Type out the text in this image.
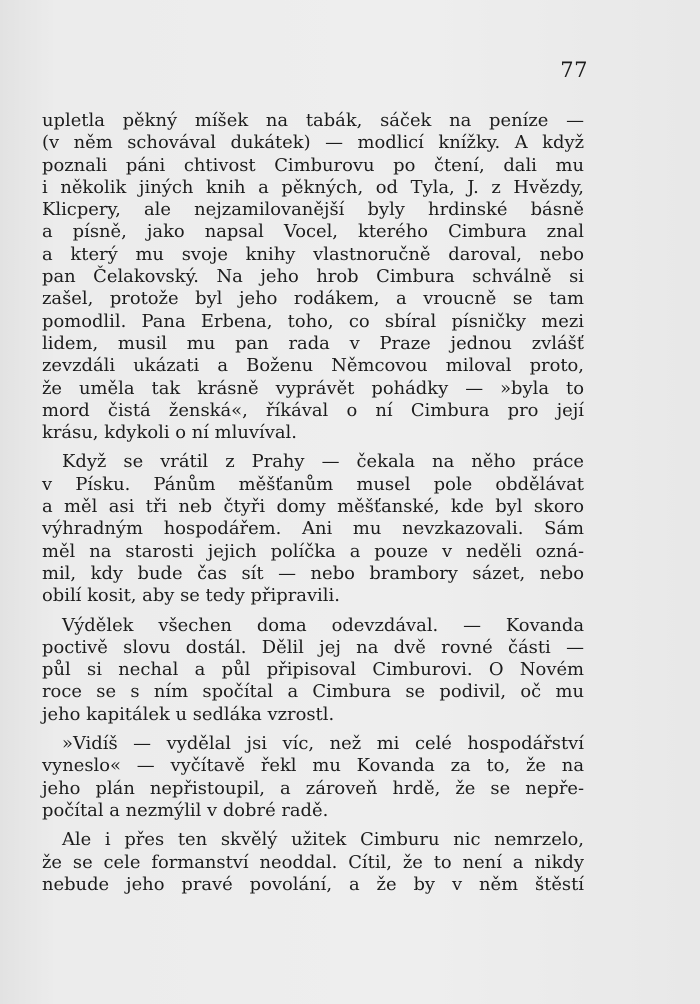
77
upletla pěkný míšek na tabák, sáček na peníze —
(v něm schovával dukátek) — modlicí knížky. A když
poznali páni chtivost Cimburovu po čtení, dali mu
i několik jiných knih a pěkných, od Tyla, J. z Hvězdy,
Klicpery, ale nejzamilovanější byly hrdinské básně
a písně, jako napsal Vocel, kterého Cimbura znal
a který mu svoje knihy vlastnoručně daroval, nebo
pan Čelakovský. Na jeho hrob Cimbura schválně si
zašel, protože byl jeho rodákem, a vroucně se tam
pomodlil. Pana Erbena, toho, co sbíral písničky mezi
lidem, musil mu pan rada v Praze jednou zvlášť
zevzdáli ukázati a Boženu Němcovou miloval proto,
že uměla tak krásně vyprávět pohádky — »byla to
mord čistá ženská«, říkával o ní Cimbura pro její
krásu, kdykoli o ní mluvíval.
Když se vrátil z Prahy — čekala na něho práce
v Písku. Pánům měšťanům musel pole obdělávat
a měl asi tři neb čtyři domy měšťanské, kde byl skoro
výhradným hospodářem. Ani mu nevzkazovali. Sám
měl na starosti jejich políčka a pouze v neděli ozná-
mil, kdy bude čas sít — nebo brambory sázet, nebo
obilí kosit, aby se tedy připravili.
Výdělek všechen doma odevzdával. — Kovanda
poctivě slovu dostál. Dělil jej na dvě rovné části —
půl si nechal a půl připisoval Cimburovi. O Novém
roce se s ním spočítal a Cimbura se podivil, oč mu
jeho kapitálek u sedláka vzrostl.
»Vidíš — vydělal jsi víc, než mi celé hospodářství
vyneslo« — vyčítavě řekl mu Kovanda za to, že na
jeho plán nepřistoupil, a zároveň hrdě, že se nepře-
počítal a nezmýlil v dobré radě.
Ale i přes ten skvělý užitek Cimburu nic nemrzelo,
že se cele formanství neoddal. Cítil, že to není a nikdy
nebude jeho pravé povolání, a že by v něm štěstí
